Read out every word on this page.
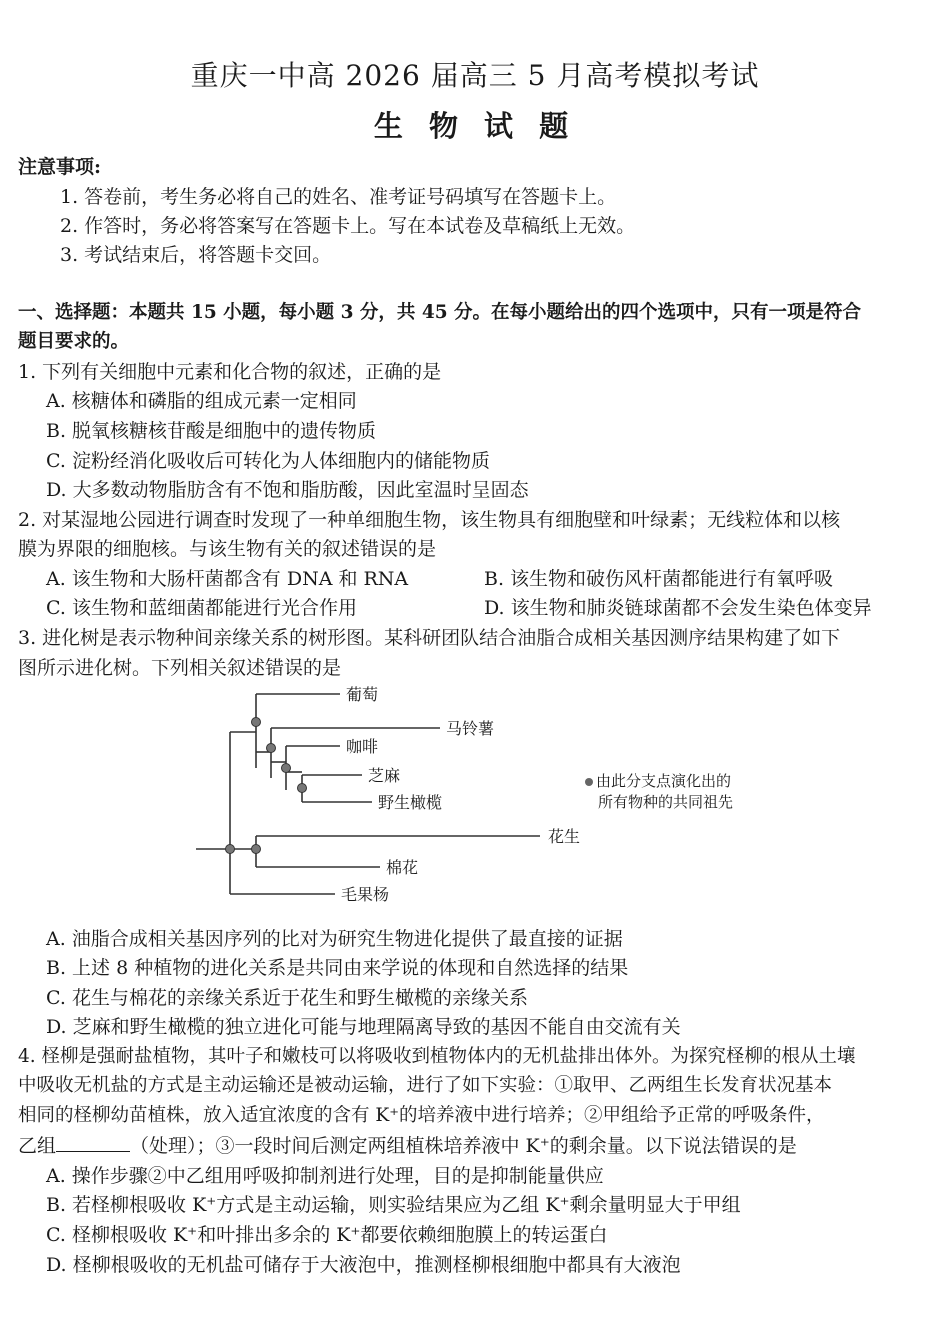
重庆一中高 2026 届高三 5 月高考模拟考试
生 物 试 题
注意事项:
1. 答卷前，考生务必将自己的姓名、准考证号码填写在答题卡上。
2. 作答时，务必将答案写在答题卡上。写在本试卷及草稿纸上无效。
3. 考试结束后，将答题卡交回。
一、选择题：本题共 15 小题，每小题 3 分，共 45 分。在每小题给出的四个选项中，只有一项是符合
题目要求的。
1. 下列有关细胞中元素和化合物的叙述，正确的是
A. 核糖体和磷脂的组成元素一定相同
B. 脱氧核糖核苷酸是细胞中的遗传物质
C. 淀粉经消化吸收后可转化为人体细胞内的储能物质
D. 大多数动物脂肪含有不饱和脂肪酸，因此室温时呈固态
2. 对某湿地公园进行调查时发现了一种单细胞生物，该生物具有细胞壁和叶绿素；无线粒体和以核
膜为界限的细胞核。与该生物有关的叙述错误的是
A. 该生物和大肠杆菌都含有 DNA 和 RNA	B. 该生物和破伤风杆菌都能进行有氧呼吸
C. 该生物和蓝细菌都能进行光合作用	D. 该生物和肺炎链球菌都不会发生染色体变异
3. 进化树是表示物种间亲缘关系的树形图。某科研团队结合油脂合成相关基因测序结果构建了如下
图所示进化树。下列相关叙述错误的是
葡萄
马铃薯
咖啡
芝麻
野生橄榄
花生
棉花
毛果杨
由此分支点演化出的
所有物种的共同祖先
A. 油脂合成相关基因序列的比对为研究生物进化提供了最直接的证据
B. 上述 8 种植物的进化关系是共同由来学说的体现和自然选择的结果
C. 花生与棉花的亲缘关系近于花生和野生橄榄的亲缘关系
D. 芝麻和野生橄榄的独立进化可能与地理隔离导致的基因不能自由交流有关
4. 柽柳是强耐盐植物，其叶子和嫩枝可以将吸收到植物体内的无机盐排出体外。为探究柽柳的根从土壤
中吸收无机盐的方式是主动运输还是被动运输，进行了如下实验：①取甲、乙两组生长发育状况基本
相同的柽柳幼苗植株，放入适宜浓度的含有 K⁺的培养液中进行培养；②甲组给予正常的呼吸条件，
乙组	（处理）；③一段时间后测定两组植株培养液中 K⁺的剩余量。以下说法错误的是
A. 操作步骤②中乙组用呼吸抑制剂进行处理，目的是抑制能量供应
B. 若柽柳根吸收 K⁺方式是主动运输，则实验结果应为乙组 K⁺剩余量明显大于甲组
C. 柽柳根吸收 K⁺和叶排出多余的 K⁺都要依赖细胞膜上的转运蛋白
D. 柽柳根吸收的无机盐可储存于大液泡中，推测柽柳根细胞中都具有大液泡
